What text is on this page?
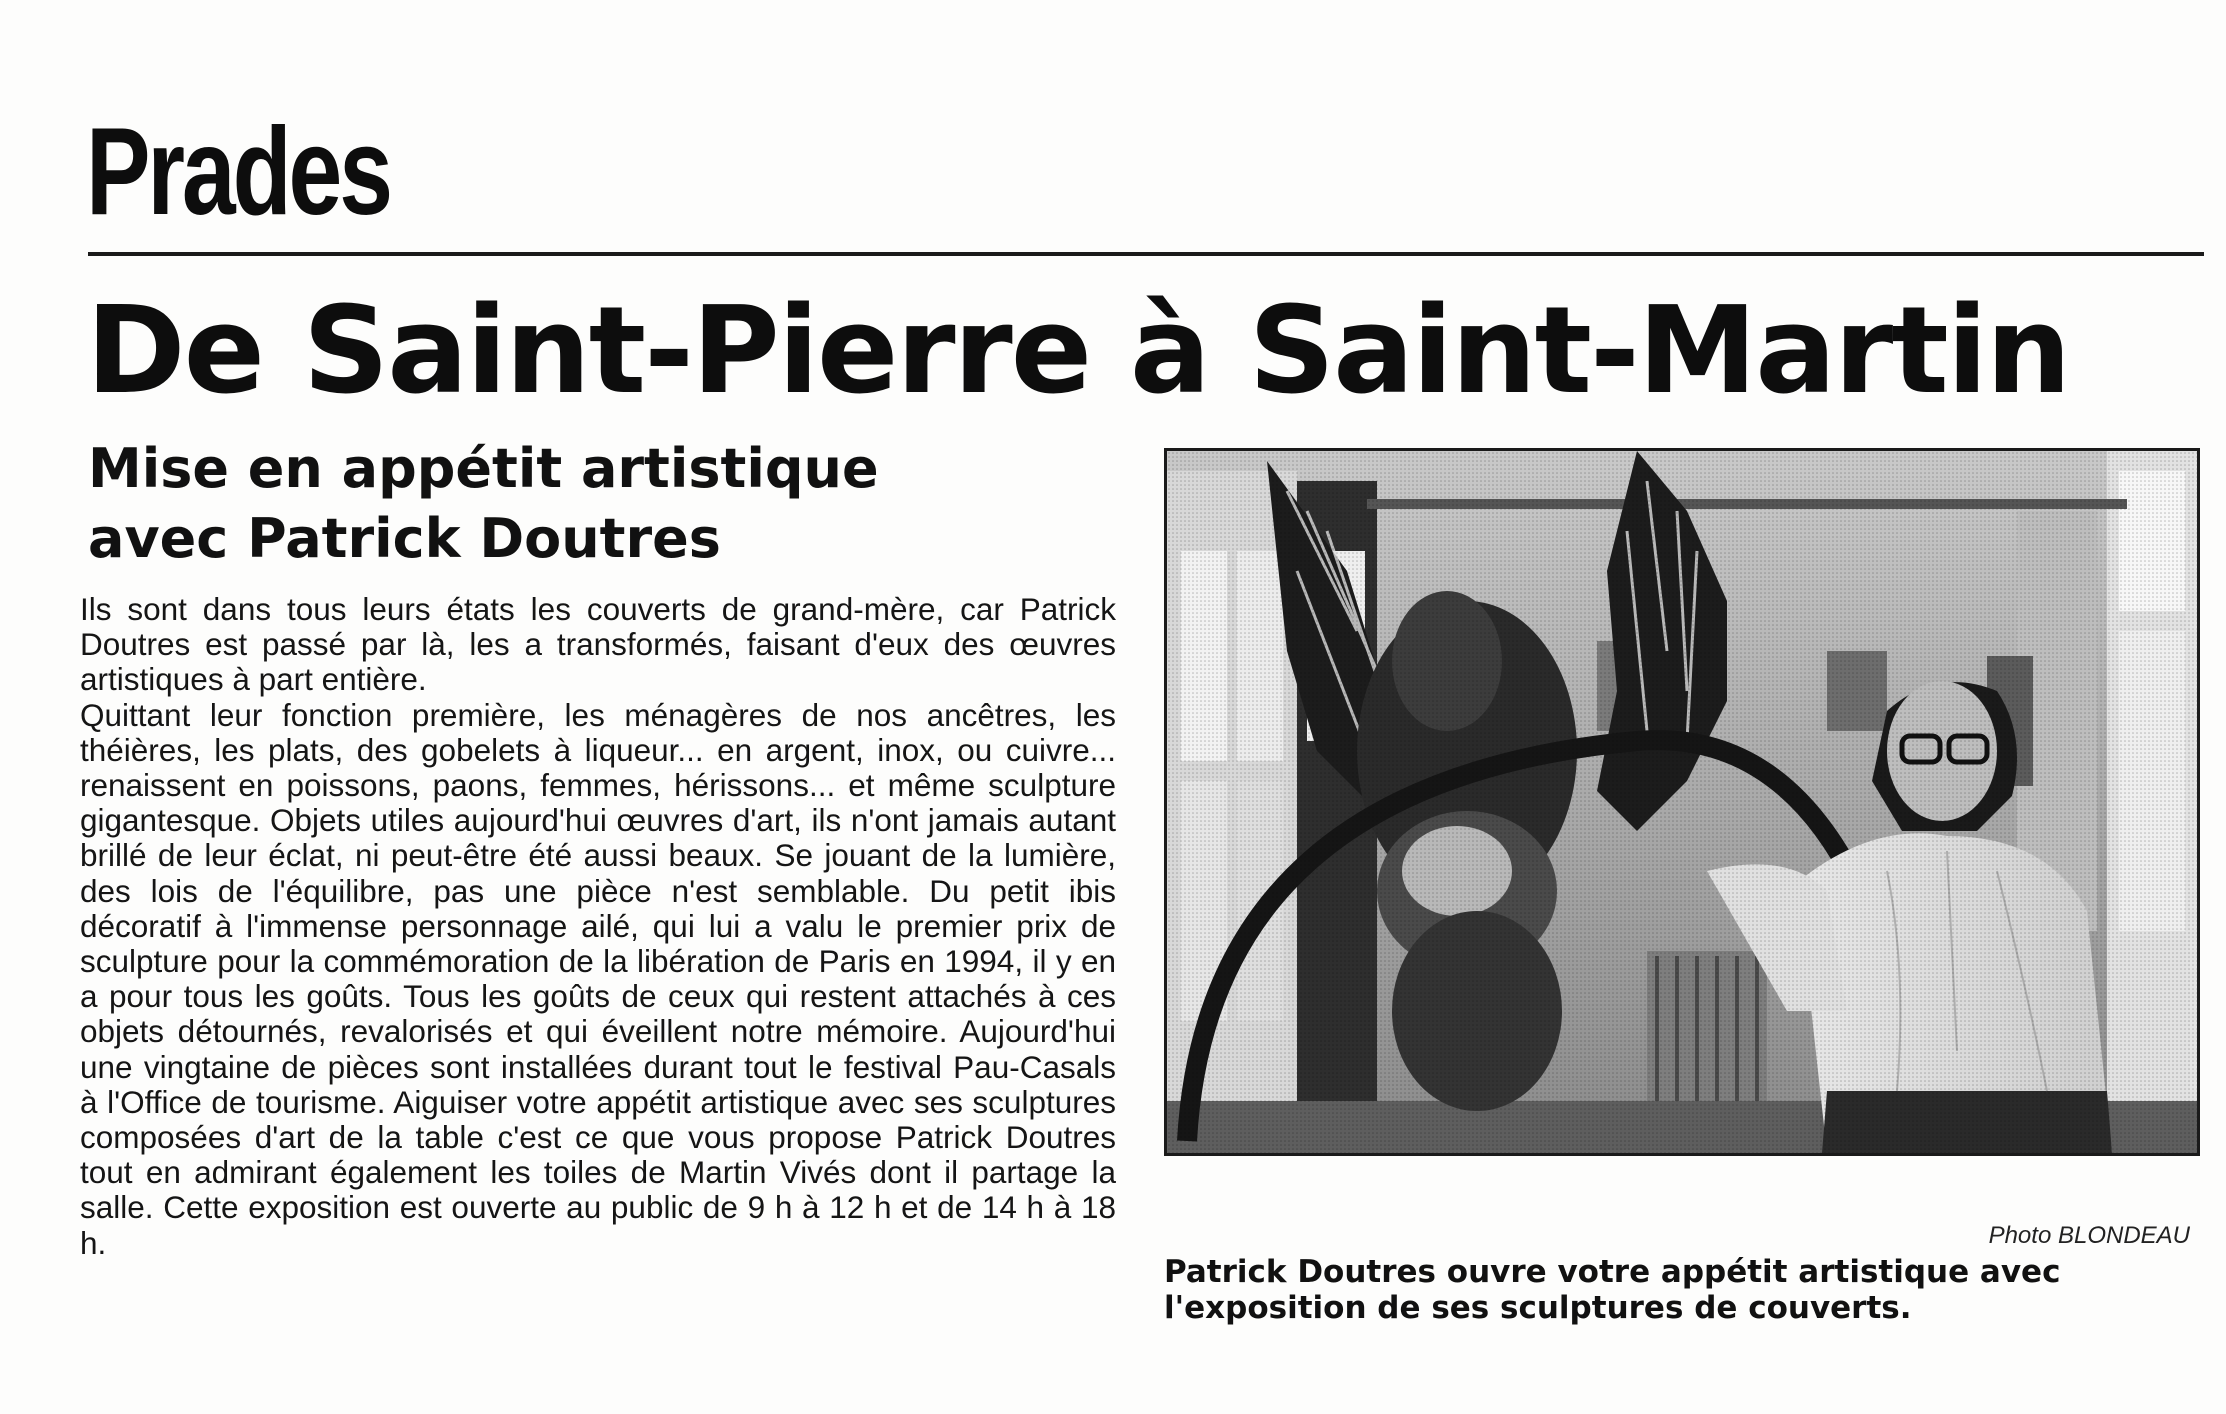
Prades
De Saint-Pierre à Saint-Martin
Mise en appétit artistique
avec Patrick Doutres

Ils sont dans tous leurs états les couverts de grand-mère, car Patrick Doutres est passé par là, les a transformés, faisant d'eux des œuvres artistiques à part entière.

Quittant leur fonction première, les ménagères de nos ancêtres, les théières, les plats, des gobelets à liqueur... en argent, inox, ou cuivre... renaissent en poissons, paons, femmes, hérissons... et même sculpture gigantesque. Objets utiles aujourd'hui œuvres d'art, ils n'ont jamais autant brillé de leur éclat, ni peut-être été aussi beaux. Se jouant de la lumière, des lois de l'équilibre, pas une pièce n'est semblable. Du petit ibis décoratif à l'immense personnage ailé, qui lui a valu le premier prix de sculpture pour la commémoration de la libération de Paris en 1994, il y en a pour tous les goûts. Tous les goûts de ceux qui restent attachés à ces objets détournés, revalorisés et qui éveillent notre mémoire. Aujourd'hui une vingtaine de pièces sont installées durant tout le festival Pau-Casals à l'Office de tourisme. Aiguiser votre appétit artistique avec ses sculptures composées d'art de la table c'est ce que vous propose Patrick Doutres tout en admirant également les toiles de Martin Vivés dont il partage la salle. Cette exposition est ouverte au public de 9 h à 12 h et de 14 h à 18 h.	Photo BLONDEAU

Patrick Doutres ouvre votre appétit artistique avec l'exposition de ses sculptures de couverts.
